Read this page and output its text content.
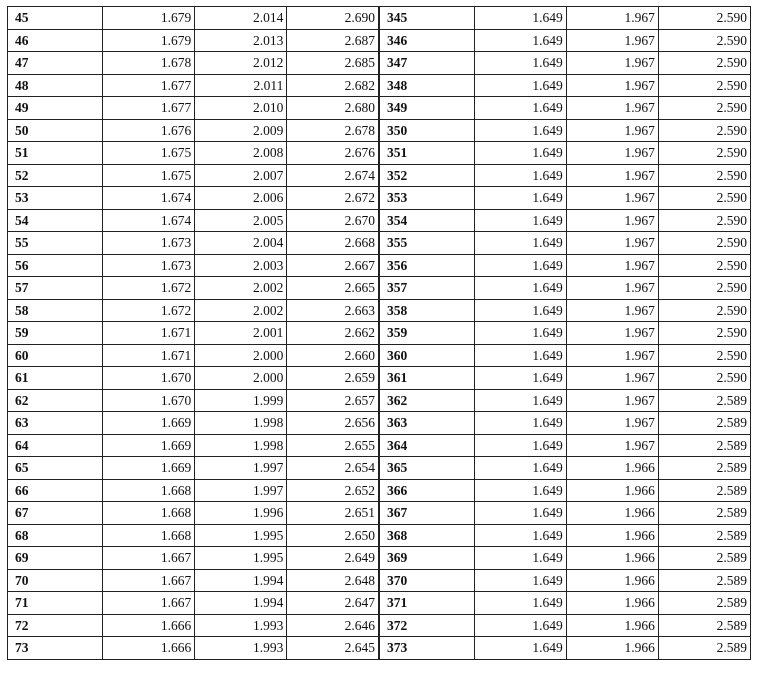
45	1.679	2.014	2.690	345	1.649	1.967	2.590
46	1.679	2.013	2.687	346	1.649	1.967	2.590
47	1.678	2.012	2.685	347	1.649	1.967	2.590
48	1.677	2.011	2.682	348	1.649	1.967	2.590
49	1.677	2.010	2.680	349	1.649	1.967	2.590
50	1.676	2.009	2.678	350	1.649	1.967	2.590
51	1.675	2.008	2.676	351	1.649	1.967	2.590
52	1.675	2.007	2.674	352	1.649	1.967	2.590
53	1.674	2.006	2.672	353	1.649	1.967	2.590
54	1.674	2.005	2.670	354	1.649	1.967	2.590
55	1.673	2.004	2.668	355	1.649	1.967	2.590
56	1.673	2.003	2.667	356	1.649	1.967	2.590
57	1.672	2.002	2.665	357	1.649	1.967	2.590
58	1.672	2.002	2.663	358	1.649	1.967	2.590
59	1.671	2.001	2.662	359	1.649	1.967	2.590
60	1.671	2.000	2.660	360	1.649	1.967	2.590
61	1.670	2.000	2.659	361	1.649	1.967	2.590
62	1.670	1.999	2.657	362	1.649	1.967	2.589
63	1.669	1.998	2.656	363	1.649	1.967	2.589
64	1.669	1.998	2.655	364	1.649	1.967	2.589
65	1.669	1.997	2.654	365	1.649	1.966	2.589
66	1.668	1.997	2.652	366	1.649	1.966	2.589
67	1.668	1.996	2.651	367	1.649	1.966	2.589
68	1.668	1.995	2.650	368	1.649	1.966	2.589
69	1.667	1.995	2.649	369	1.649	1.966	2.589
70	1.667	1.994	2.648	370	1.649	1.966	2.589
71	1.667	1.994	2.647	371	1.649	1.966	2.589
72	1.666	1.993	2.646	372	1.649	1.966	2.589
73	1.666	1.993	2.645	373	1.649	1.966	2.589
